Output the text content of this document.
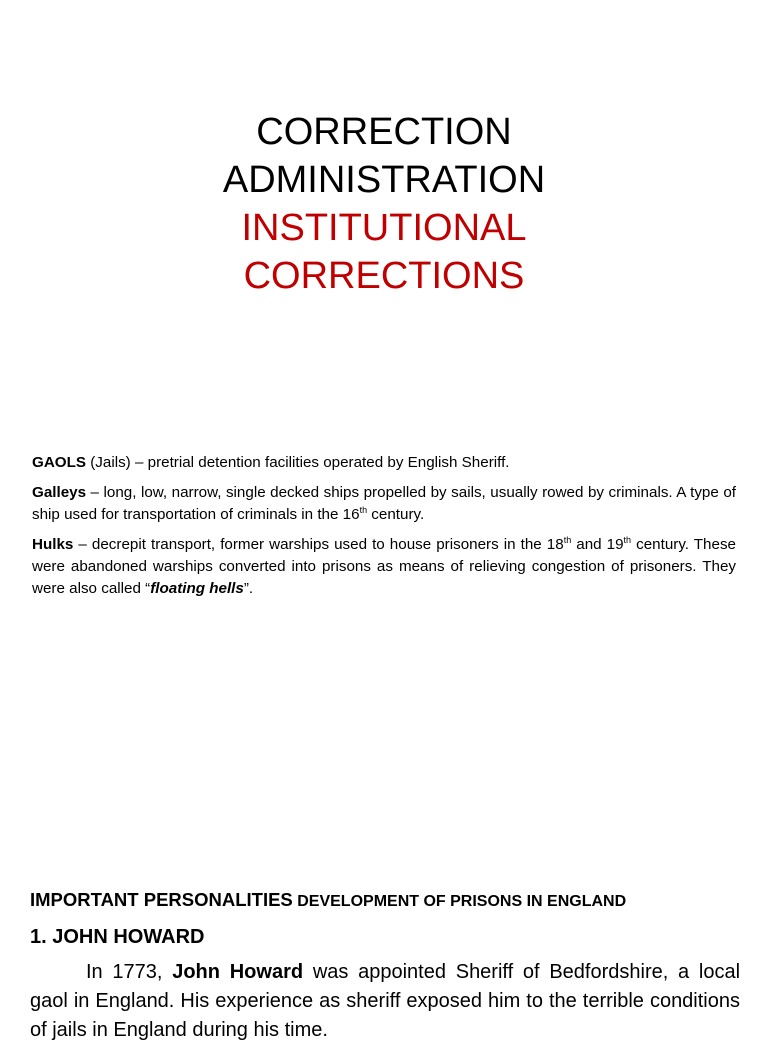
CORRECTION
ADMINISTRATION
INSTITUTIONAL
CORRECTIONS

GAOLS (Jails) – pretrial detention facilities operated by English Sheriff.

Galleys – long, low, narrow, single decked ships propelled by sails, usually rowed by criminals. A type of ship used for transportation of criminals in the 16th century.

Hulks – decrepit transport, former warships used to house prisoners in the 18th and 19th century. These were abandoned warships converted into prisons as means of relieving congestion of prisoners. They were also called “floating hells”.

IMPORTANT PERSONALITIES DEVELOPMENT OF PRISONS IN ENGLAND

1. JOHN HOWARD

In 1773, John Howard was appointed Sheriff of Bedfordshire, a local gaol in England. His experience as sheriff exposed him to the terrible conditions of jails in England during his time.
